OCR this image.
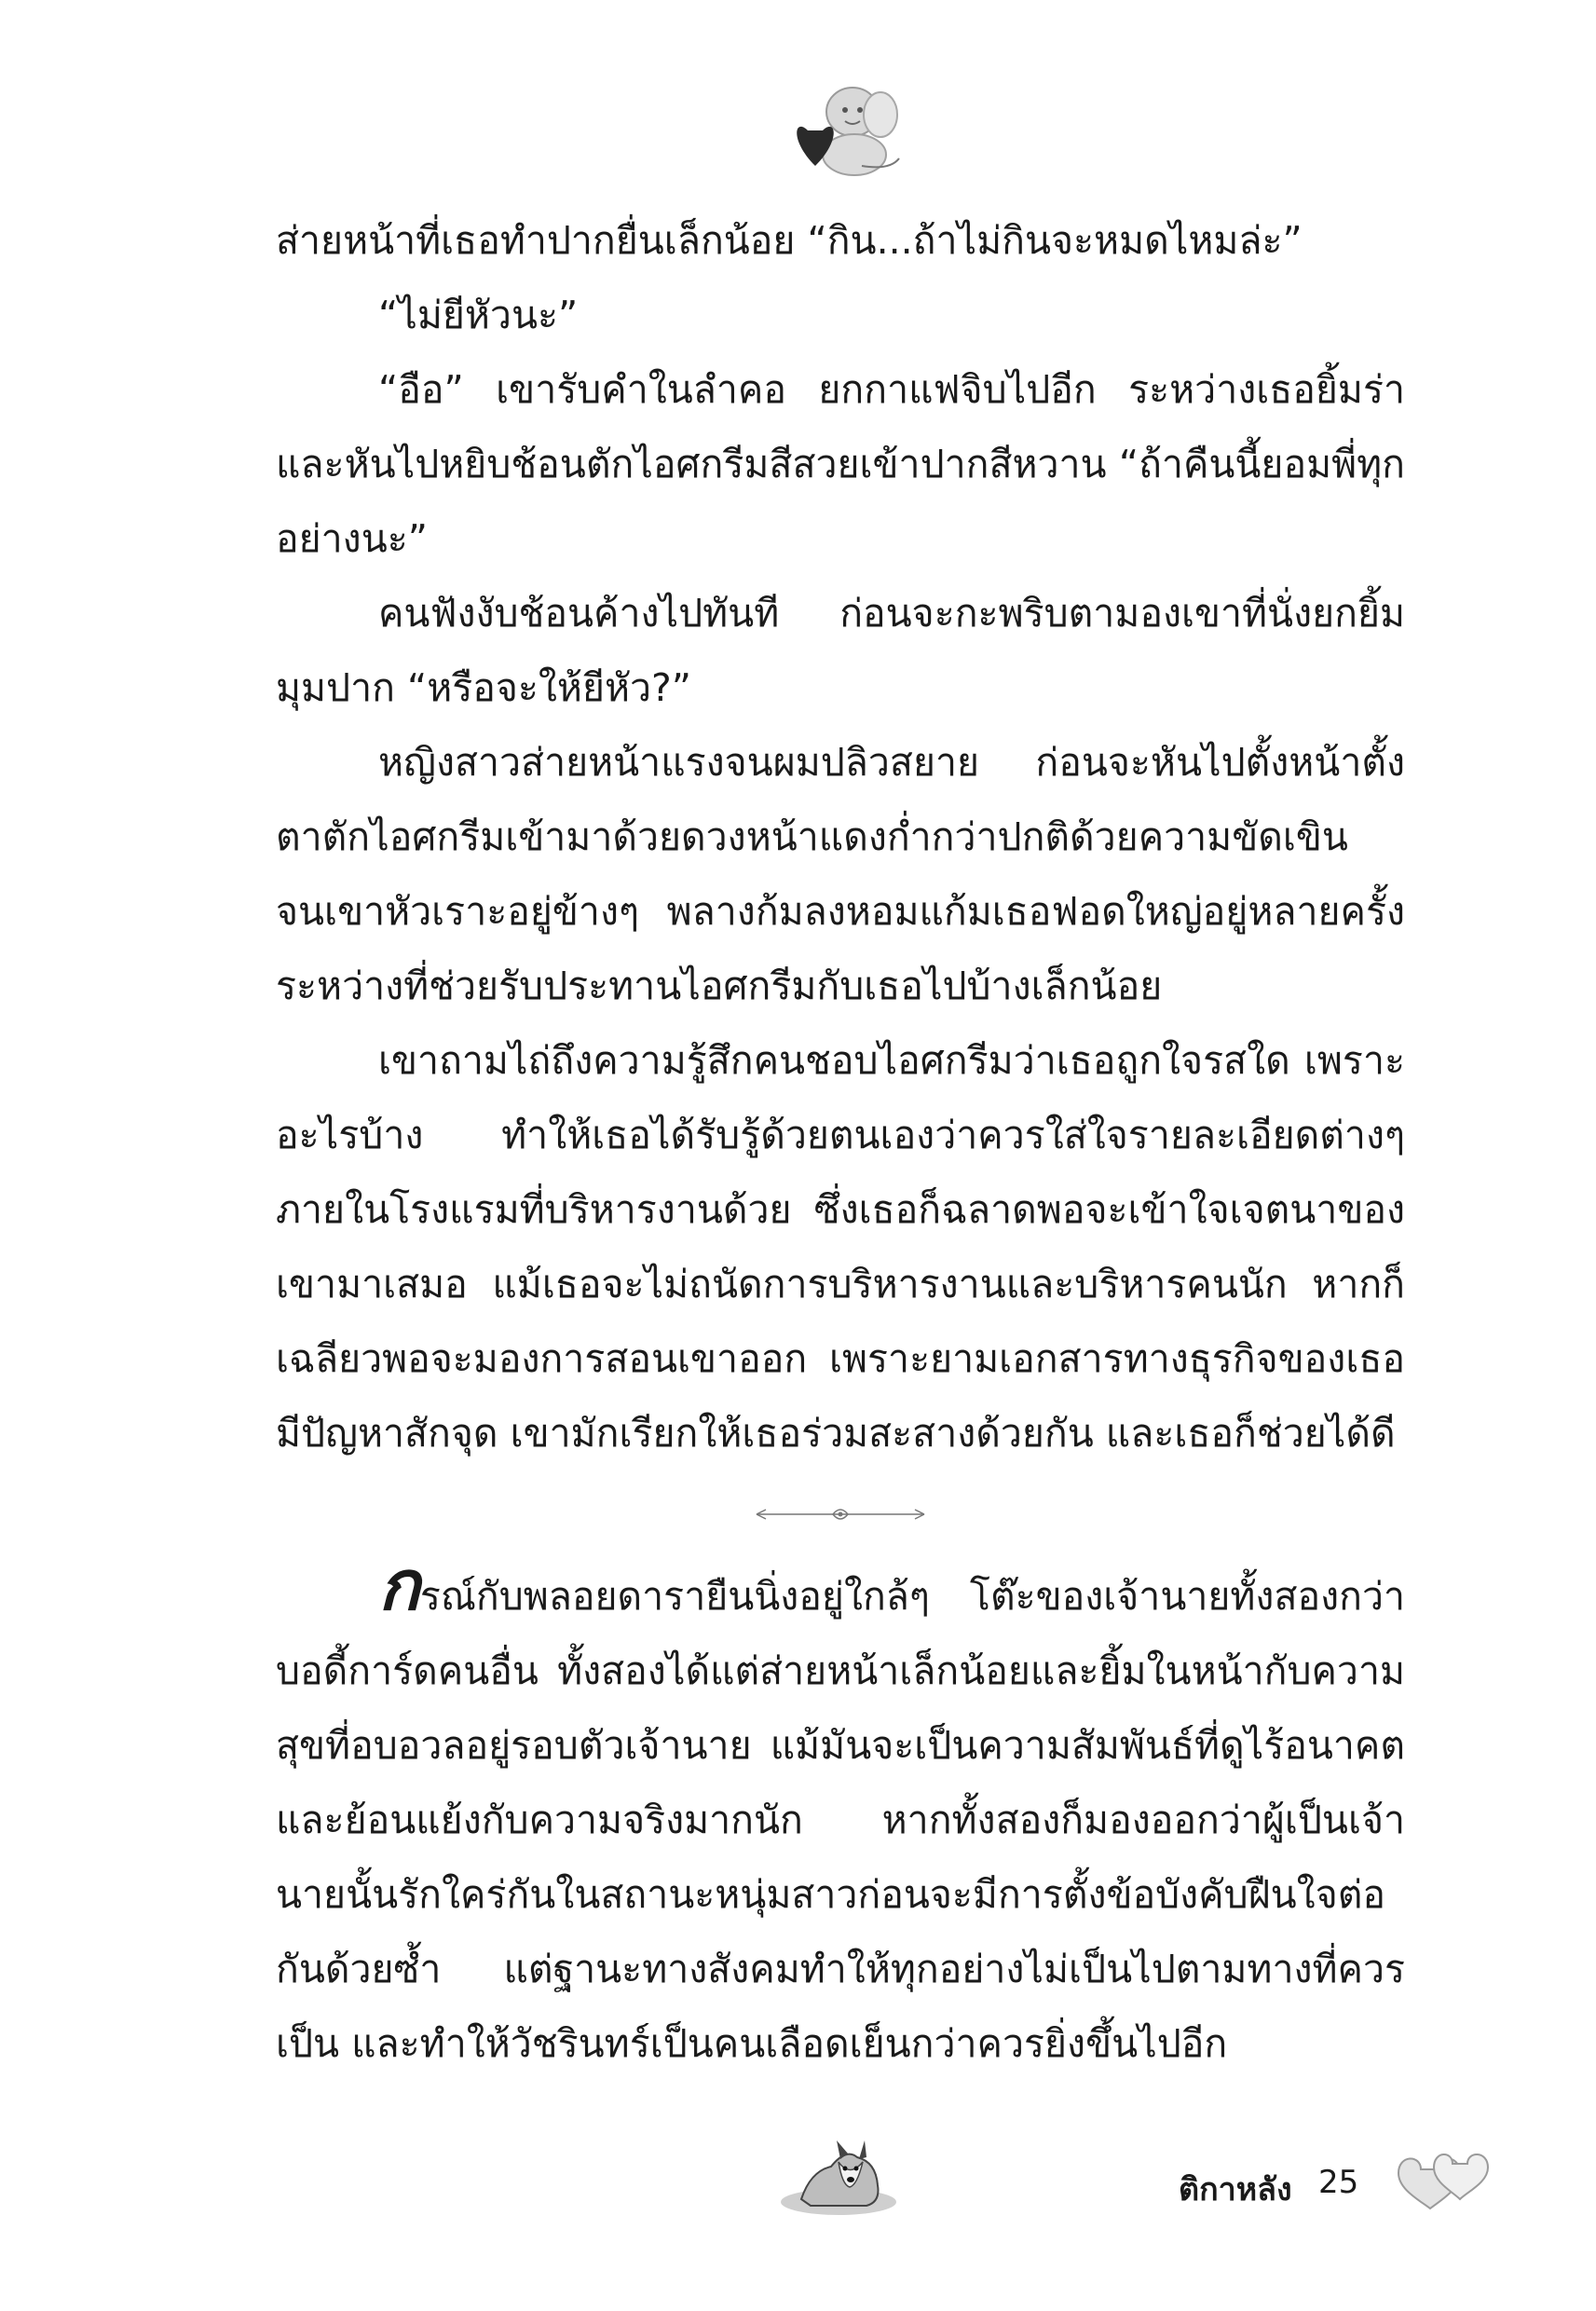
ส่ายหน้าที่เธอทำปากยื่นเล็กน้อย “กิน...ถ้าไม่กินจะหมดไหมล่ะ”

“ไม่ยีหัวนะ”

“อือ” เขารับคำในลำคอ ยกกาแฟจิบไปอีก ระหว่างเธอยิ้มร่าและหันไปหยิบช้อนตักไอศกรีมสีสวยเข้าปากสีหวาน “ถ้าคืนนี้ยอมพี่ทุกอย่างนะ”

คนฟังงับช้อนค้างไปทันที ก่อนจะกะพริบตามองเขาที่นั่งยกยิ้มมุมปาก “หรือจะให้ยีหัว?”

หญิงสาวส่ายหน้าแรงจนผมปลิวสยาย ก่อนจะหันไปตั้งหน้าตั้งตาตักไอศกรีมเข้ามาด้วยดวงหน้าแดงก่ำกว่าปกติด้วยความขัดเขิน จนเขาหัวเราะอยู่ข้างๆ พลางก้มลงหอมแก้มเธอฟอดใหญ่อยู่หลายครั้งระหว่างที่ช่วยรับประทานไอศกรีมกับเธอไปบ้างเล็กน้อย

เขาถามไถ่ถึงความรู้สึกคนชอบไอศกรีมว่าเธอถูกใจรสใด เพราะอะไรบ้าง ทำให้เธอได้รับรู้ด้วยตนเองว่าควรใส่ใจรายละเอียดต่างๆ ภายในโรงแรมที่บริหารงานด้วย ซึ่งเธอก็ฉลาดพอจะเข้าใจเจตนาของเขามาเสมอ แม้เธอจะไม่ถนัดการบริหารงานและบริหารคนนัก หากก็เฉลียวพอจะมองการสอนเขาออก เพราะยามเอกสารทางธุรกิจของเธอมีปัญหาสักจุด เขามักเรียกให้เธอร่วมสะสางด้วยกัน และเธอก็ช่วยได้ดี

กรณ์กับพลอยดารายืนนิ่งอยู่ใกล้ๆ โต๊ะของเจ้านายทั้งสองกว่าบอดี้การ์ดคนอื่น ทั้งสองได้แต่ส่ายหน้าเล็กน้อยและยิ้มในหน้ากับความสุขที่อบอวลอยู่รอบตัวเจ้านาย แม้มันจะเป็นความสัมพันธ์ที่ดูไร้อนาคตและย้อนแย้งกับความจริงมากนัก หากทั้งสองก็มองออกว่าผู้เป็นเจ้านายนั้นรักใคร่กันในสถานะหนุ่มสาวก่อนจะมีการตั้งข้อบังคับฝืนใจต่อกันด้วยซ้ำ แต่ฐานะทางสังคมทำให้ทุกอย่างไม่เป็นไปตามทางที่ควรเป็น และทำให้วัชรินทร์เป็นคนเลือดเย็นกว่าควรยิ่งขึ้นไปอีก

ติกาหลัง 25
